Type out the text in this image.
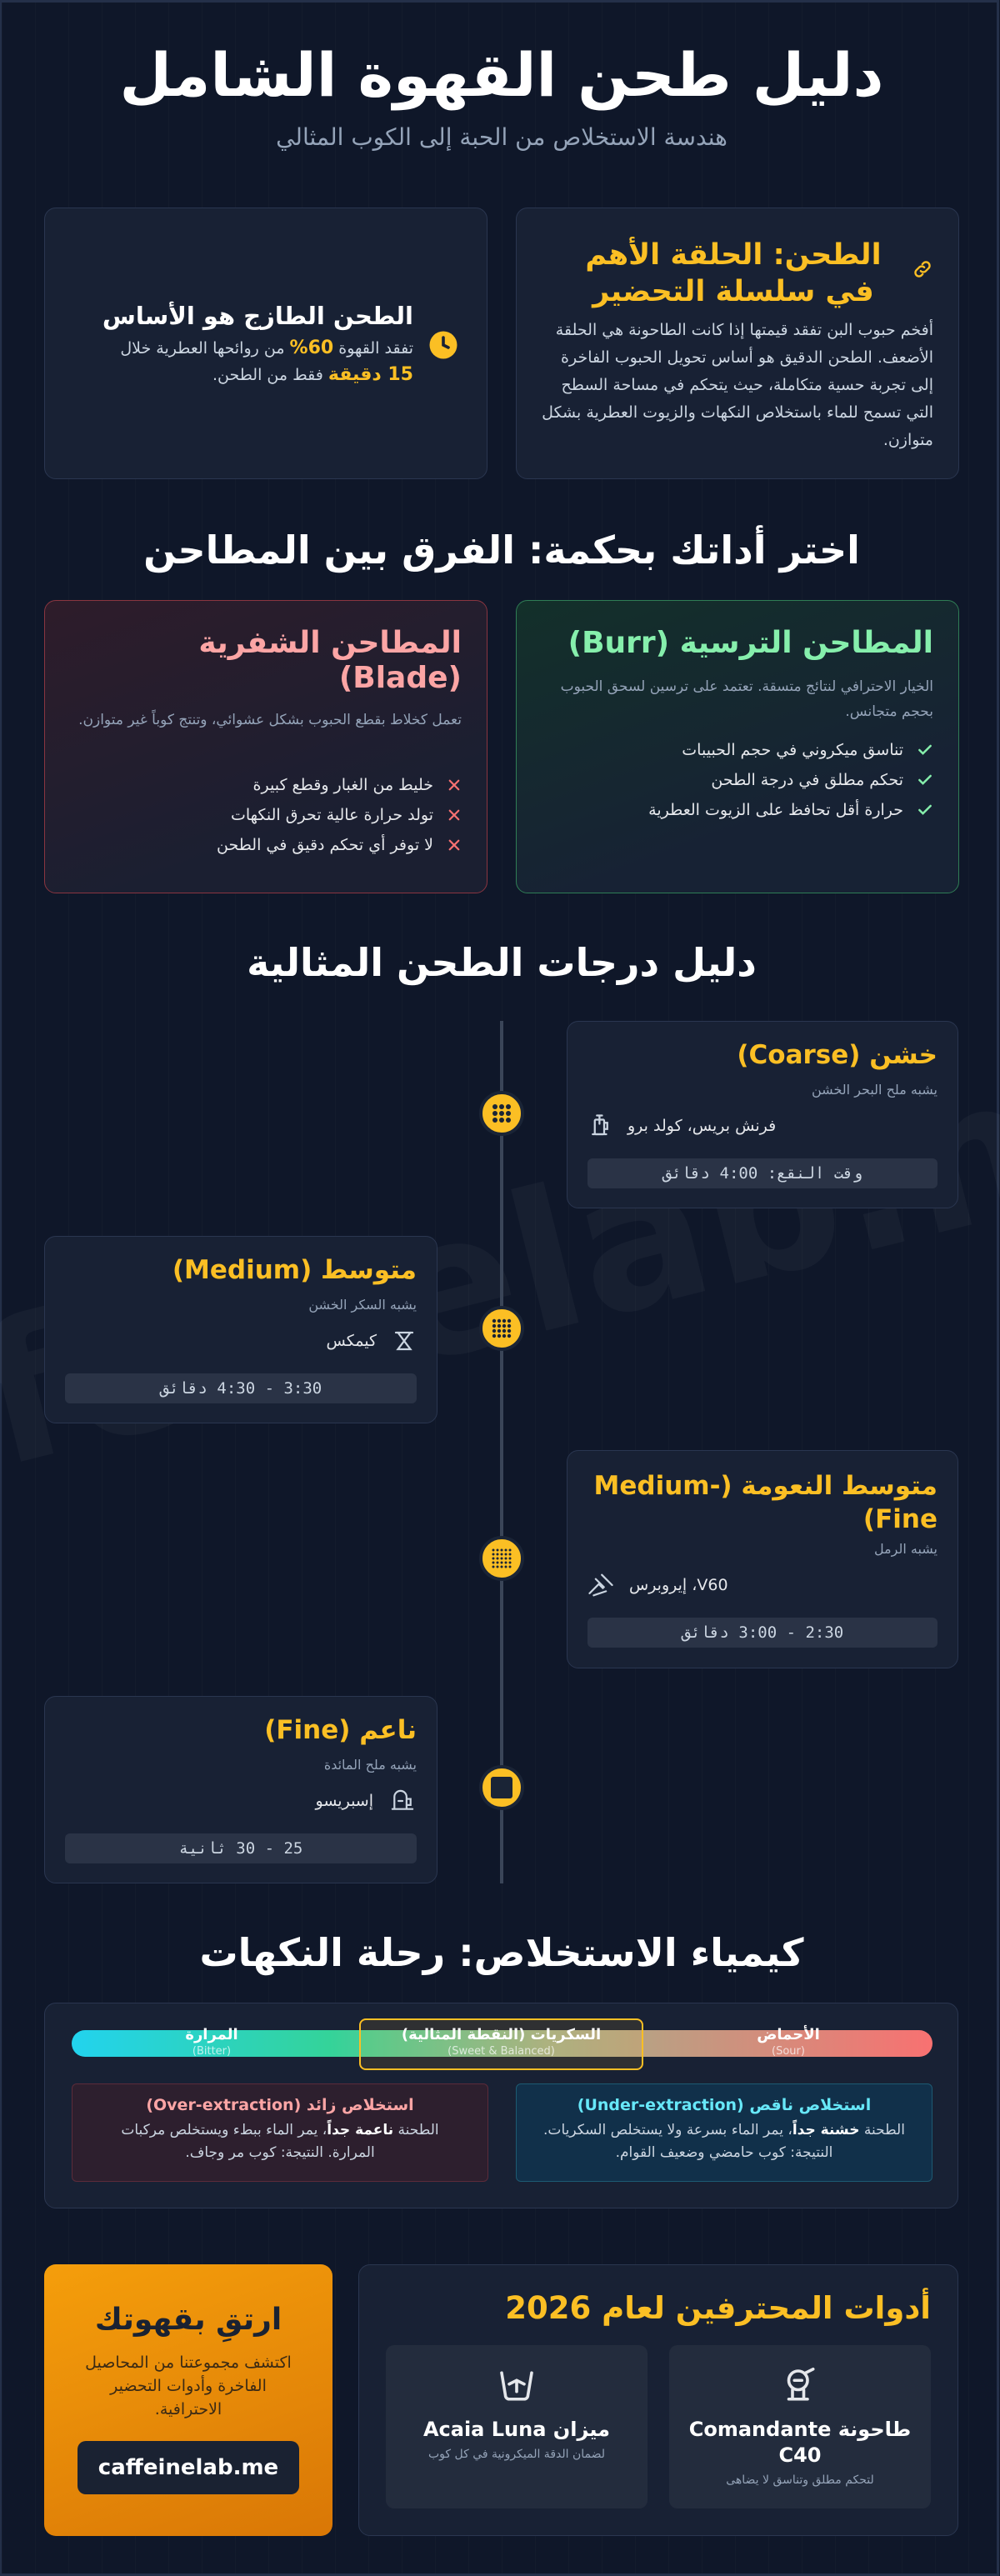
دليل طحن القهوة الشامل
هندسة الاستخلاص من الحبة إلى الكوب المثالي
الطحن: الحلقة الأهم
في سلسلة التحضير
أفخم حبوب البن تفقد قيمتها إذا كانت الطاحونة هي الحلقة الأضعف. الطحن الدقيق هو أساس تحويل الحبوب الفاخرة إلى تجربة حسية متكاملة، حيث يتحكم في مساحة السطح التي تسمح للماء باستخلاص النكهات والزيوت العطرية بشكل متوازن.
الطحن الطازج هو الأساس
تفقد القهوة 60% من روائحها العطرية خلال
15 دقيقة فقط من الطحن.
اختر أداتك بحكمة: الفرق بين المطاحن
المطاحن الترسية (Burr)
الخيار الاحترافي لنتائج متسقة. تعتمد على ترسين لسحق الحبوب بحجم متجانس.
تناسق ميكروني في حجم الحبيبات
تحكم مطلق في درجة الطحن
حرارة أقل تحافظ على الزيوت العطرية
المطاحن الشفرية
(Blade)
تعمل كخلاط بقطع الحبوب بشكل عشوائي، وتنتج كوباً غير متوازن.
خليط من الغبار وقطع كبيرة
تولد حرارة عالية تحرق النكهات
لا توفر أي تحكم دقيق في الطحن
دليل درجات الطحن المثالية
خشن (Coarse)
يشبه ملح البحر الخشن
فرنش بريس، كولد برو
وقت النقع: 4:00 دقائق
متوسط (Medium)
يشبه السكر الخشن
كيمكس
3:30 - 4:30 دقائق
متوسط النعومة (-Medium
Fine)
يشبه الرمل
V60، إيروبرس
2:30 - 3:00 دقائق
ناعم (Fine)
يشبه ملح المائدة
إسبريسو
25 - 30 ثانية
كيمياء الاستخلاص: رحلة النكهات
المرارة
(Bitter)
السكريات (النقطة المثالية)
(Sweet & Balanced)
الأحماض
(Sour)
استخلاص ناقص (Under-extraction)
الطحنة خشنة جداً، يمر الماء بسرعة ولا يستخلص السكريات.
النتيجة: كوب حامضي وضعيف القوام.
استخلاص زائد (Over-extraction)
الطحنة ناعمة جداً، يمر الماء ببطء ويستخلص مركبات
المرارة. النتيجة: كوب مر وجاف.
أدوات المحترفين لعام 2026
طاحونة Comandante
C40
لتحكم مطلق وتناسق لا يضاهى
ميزان Acaia Luna
لضمان الدقة الميكرونية في كل كوب
ارتقِ بقهوتك
اكتشف مجموعتنا من المحاصيل
الفاخرة وأدوات التحضير
الاحترافية.
caffeinelab.me
